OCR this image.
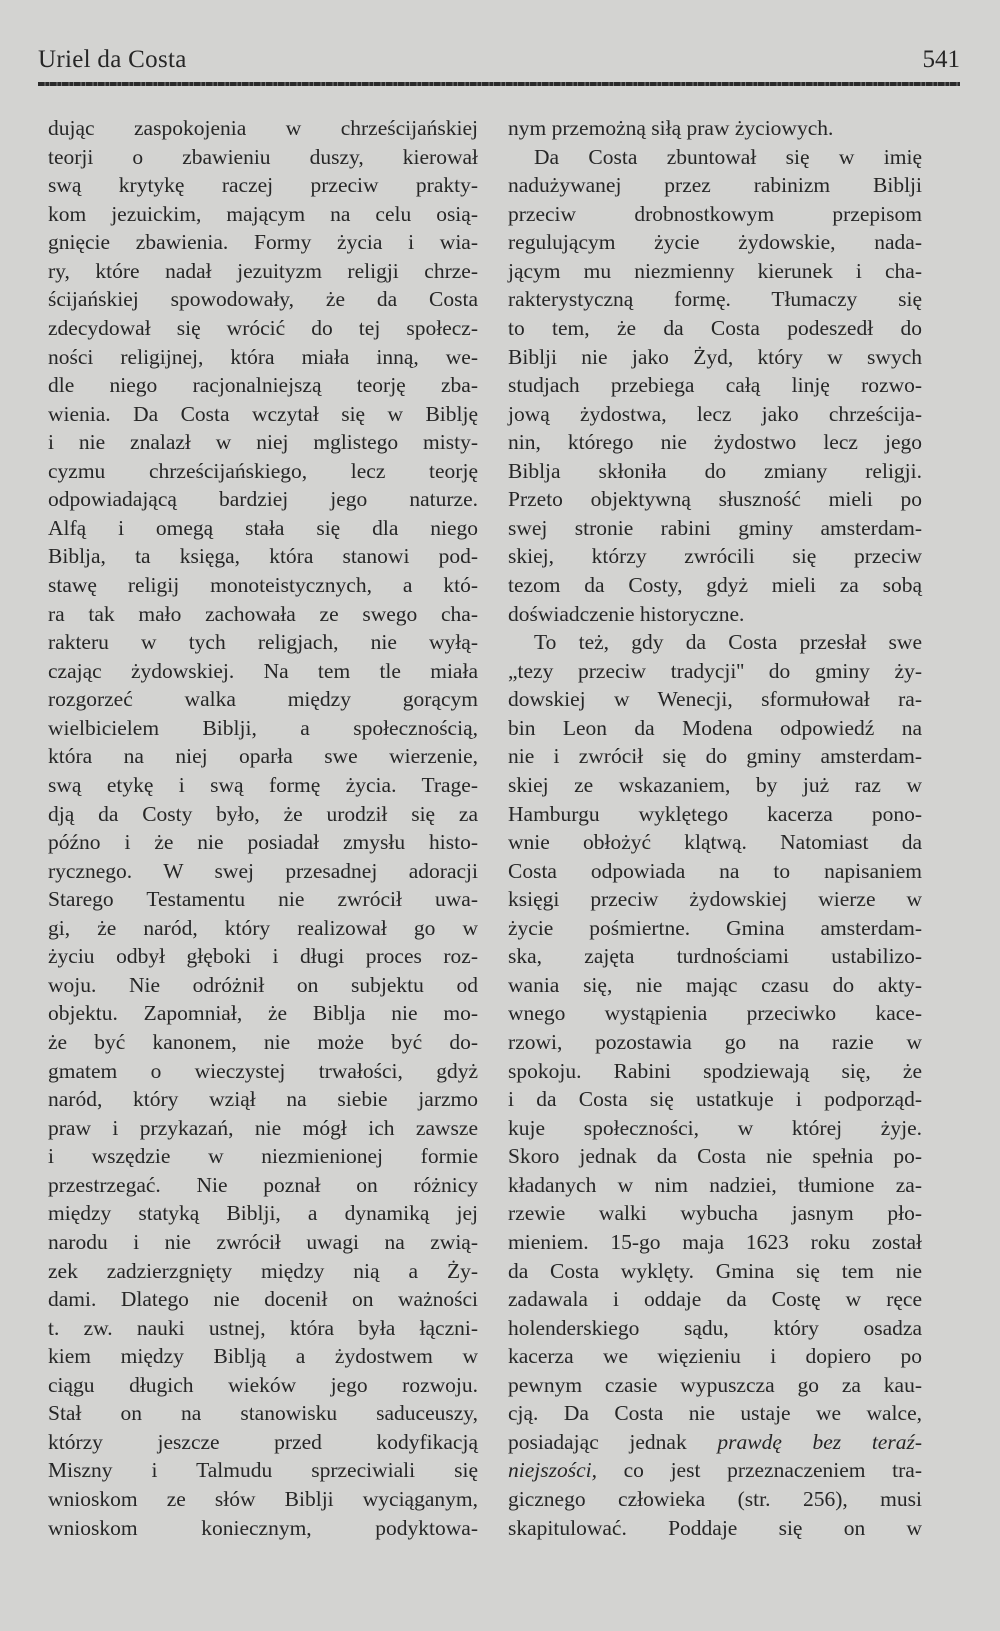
Uriel da Costa	541
dując zaspokojenia w chrześcijańskiej
teorji o zbawieniu duszy, kierował
swą krytykę raczej przeciw prakty-
kom jezuickim, mającym na celu osią-
gnięcie zbawienia. Formy życia i wia-
ry, które nadał jezuityzm religji chrze-
ścijańskiej spowodowały, że da Costa
zdecydował się wrócić do tej społecz-
ności religijnej, która miała inną, we-
dle niego racjonalniejszą teorję zba-
wienia. Da Costa wczytał się w Biblję
i nie znalazł w niej mglistego misty-
cyzmu chrześcijańskiego, lecz teorję
odpowiadającą bardziej jego naturze.
Alfą i omegą stała się dla niego
Biblja, ta księga, która stanowi pod-
stawę religij monoteistycznych, a któ-
ra tak mało zachowała ze swego cha-
rakteru w tych religjach, nie wyłą-
czając żydowskiej. Na tem tle miała
rozgorzeć walka między gorącym
wielbicielem Biblji, a społecznością,
która na niej oparła swe wierzenie,
swą etykę i swą formę życia. Trage-
dją da Costy było, że urodził się za
późno i że nie posiadał zmysłu histo-
rycznego. W swej przesadnej adoracji
Starego Testamentu nie zwrócił uwa-
gi, że naród, który realizował go w
życiu odbył głęboki i długi proces roz-
woju. Nie odróżnił on subjektu od
objektu. Zapomniał, że Biblja nie mo-
że być kanonem, nie może być do-
gmatem o wieczystej trwałości, gdyż
naród, który wziął na siebie jarzmo
praw i przykazań, nie mógł ich zawsze
i wszędzie w niezmienionej formie
przestrzegać. Nie poznał on różnicy
między statyką Biblji, a dynamiką jej
narodu i nie zwrócił uwagi na zwią-
zek zadzierzgnięty między nią a Ży-
dami. Dlatego nie docenił on ważności
t. zw. nauki ustnej, która była łączni-
kiem między Biblją a żydostwem w
ciągu długich wieków jego rozwoju.
Stał on na stanowisku saduceuszy,
którzy jeszcze przed kodyfikacją
Miszny i Talmudu sprzeciwiali się
wnioskom ze słów Biblji wyciąganym,
wnioskom koniecznym, podyktowa-
nym przemożną siłą praw życiowych.
Da Costa zbuntował się w imię
nadużywanej przez rabinizm Biblji
przeciw drobnostkowym przepisom
regulującym życie żydowskie, nada-
jącym mu niezmienny kierunek i cha-
rakterystyczną formę. Tłumaczy się
to tem, że da Costa podeszedł do
Biblji nie jako Żyd, który w swych
studjach przebiega całą linję rozwo-
jową żydostwa, lecz jako chrześcija-
nin, którego nie żydostwo lecz jego
Biblja skłoniła do zmiany religji.
Przeto objektywną słuszność mieli po
swej stronie rabini gminy amsterdam-
skiej, którzy zwrócili się przeciw
tezom da Costy, gdyż mieli za sobą
doświadczenie historyczne.
To też, gdy da Costa przesłał swe
„tezy przeciw tradycji'' do gminy ży-
dowskiej w Wenecji, sformułował ra-
bin Leon da Modena odpowiedź na
nie i zwrócił się do gminy amsterdam-
skiej ze wskazaniem, by już raz w
Hamburgu wyklętego kacerza pono-
wnie obłożyć klątwą. Natomiast da
Costa odpowiada na to napisaniem
księgi przeciw żydowskiej wierze w
życie pośmiertne. Gmina amsterdam-
ska, zajęta turdnościami ustabilizo-
wania się, nie mając czasu do akty-
wnego wystąpienia przeciwko kace-
rzowi, pozostawia go na razie w
spokoju. Rabini spodziewają się, że
i da Costa się ustatkuje i podporząd-
kuje społeczności, w której żyje.
Skoro jednak da Costa nie spełnia po-
kładanych w nim nadziei, tłumione za-
rzewie walki wybucha jasnym pło-
mieniem. 15-go maja 1623 roku został
da Costa wyklęty. Gmina się tem nie
zadawala i oddaje da Costę w ręce
holenderskiego sądu, który osadza
kacerza we więzieniu i dopiero po
pewnym czasie wypuszcza go za kau-
cją. Da Costa nie ustaje we walce,
posiadając jednak prawdę bez teraź-
niejszości, co jest przeznaczeniem tra-
gicznego człowieka (str. 256), musi
skapitulować. Poddaje się on w
